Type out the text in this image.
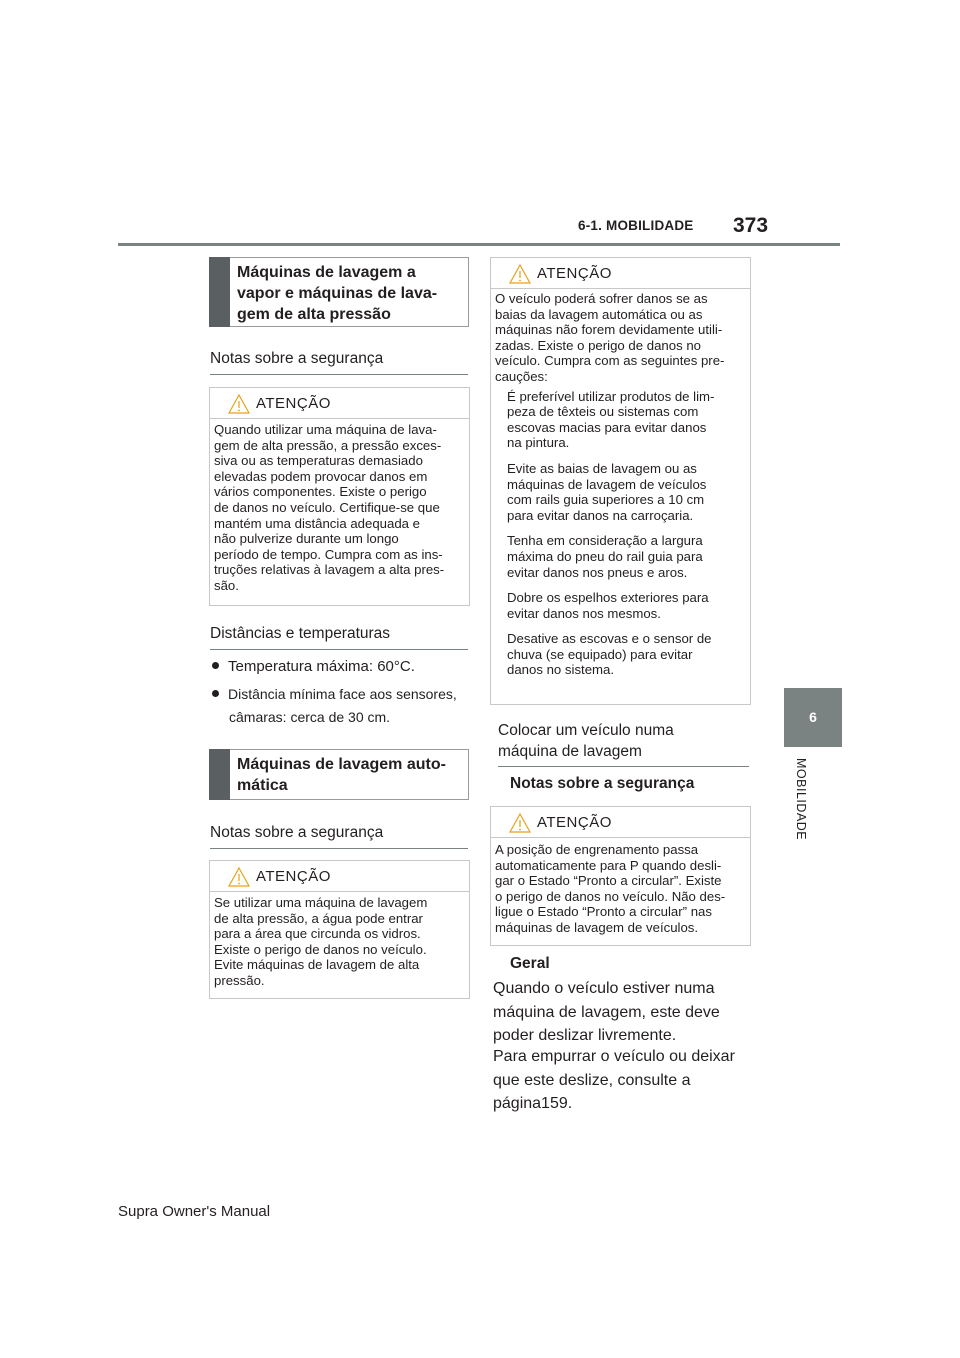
6-1. MOBILIDADE 373
6
MOBILIDADE
Máquinas de lavagem a
vapor e máquinas de lava-
gem de alta pressão
Notas sobre a segurança
ATENÇÃO

Quando utilizar uma máquina de lava-

gem de alta pressão, a pressão exces-

siva ou as temperaturas demasiado

elevadas podem provocar danos em

vários componentes. Existe o perigo

de danos no veículo. Certifique-se que

mantém uma distância adequada e

não pulverize durante um longo

período de tempo. Cumpra com as ins-

truções relativas à lavagem a alta pres-

são.

Distâncias e temperaturas
Temperatura máxima: 60°C.
Distância mínima face aos sensores,
câmaras: cerca de 30 cm.
Máquinas de lavagem auto-
mática
Notas sobre a segurança
ATENÇÃO

Se utilizar uma máquina de lavagem

de alta pressão, a água pode entrar

para a área que circunda os vidros.

Existe o perigo de danos no veículo.

Evite máquinas de lavagem de alta

pressão.

ATENÇÃO

O veículo poderá sofrer danos se as

baias da lavagem automática ou as

máquinas não forem devidamente utili-

zadas. Existe o perigo de danos no

veículo. Cumpra com as seguintes pre-

cauções:

É preferível utilizar produtos de lim-

peza de têxteis ou sistemas com

escovas macias para evitar danos

na pintura.

Evite as baias de lavagem ou as

máquinas de lavagem de veículos

com rails guia superiores a 10 cm

para evitar danos na carroçaria.

Tenha em consideração a largura

máxima do pneu do rail guia para

evitar danos nos pneus e aros.

Dobre os espelhos exteriores para

evitar danos nos mesmos.

Desative as escovas e o sensor de

chuva (se equipado) para evitar

danos no sistema.

Colocar um veículo numa
máquina de lavagem
Notas sobre a segurança
ATENÇÃO

A posição de engrenamento passa

automaticamente para P quando desli-

gar o Estado “Pronto a circular”. Existe

o perigo de danos no veículo. Não des-

ligue o Estado “Pronto a circular” nas

máquinas de lavagem de veículos.

Geral

Quando o veículo estiver numa

máquina de lavagem, este deve

poder deslizar livremente.

Para empurrar o veículo ou deixar

que este deslize, consulte a

página159.

Supra Owner's Manual
